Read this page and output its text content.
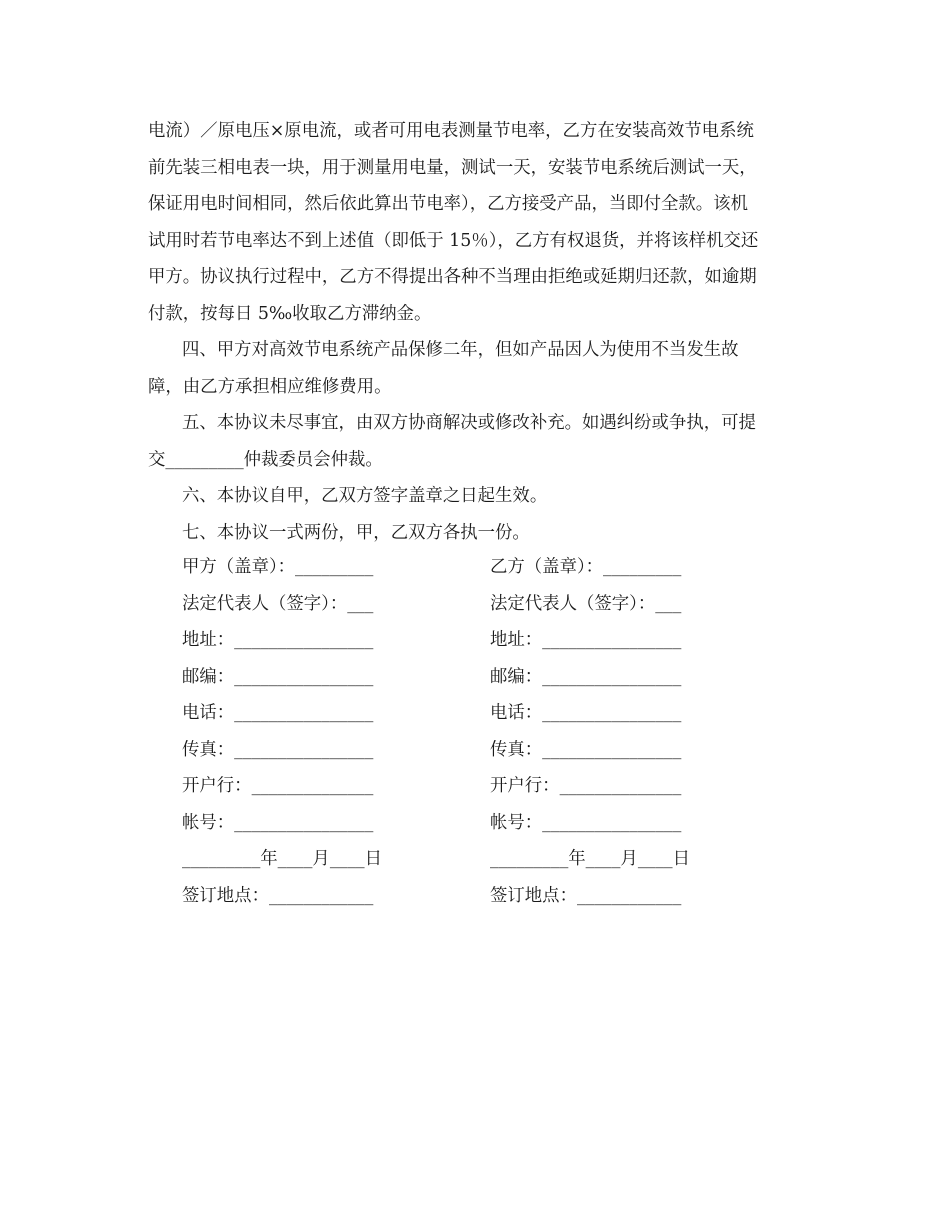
电流）／原电压×原电流，或者可用电表测量节电率，乙方在安装高效节电系统
前先装三相电表一块，用于测量用电量，测试一天，安装节电系统后测试一天，
保证用电时间相同，然后依此算出节电率），乙方接受产品，当即付全款。该机
试用时若节电率达不到上述值（即低于 15％），乙方有权退货，并将该样机交还
甲方。协议执行过程中，乙方不得提出各种不当理由拒绝或延期归还款，如逾期
付款，按每日 5‰收取乙方滞纳金。
四、甲方对高效节电系统产品保修二年，但如产品因人为使用不当发生故
障，由乙方承担相应维修费用。
五、本协议未尽事宜，由双方协商解决或修改补充。如遇纠纷或争执，可提
交_________仲裁委员会仲裁。
六、本协议自甲，乙双方签字盖章之日起生效。
七、本协议一式两份，甲，乙双方各执一份。
甲方（盖章）：_________	乙方（盖章）：_________
法定代表人（签字）：___	法定代表人（签字）：___
地址：________________	地址：________________
邮编：________________	邮编：________________
电话：________________	电话：________________
传真：________________	传真：________________
开户行：______________	开户行：______________
帐号：________________	帐号：________________
_________年____月____日	_________年____月____日
签订地点：____________	签订地点：____________
